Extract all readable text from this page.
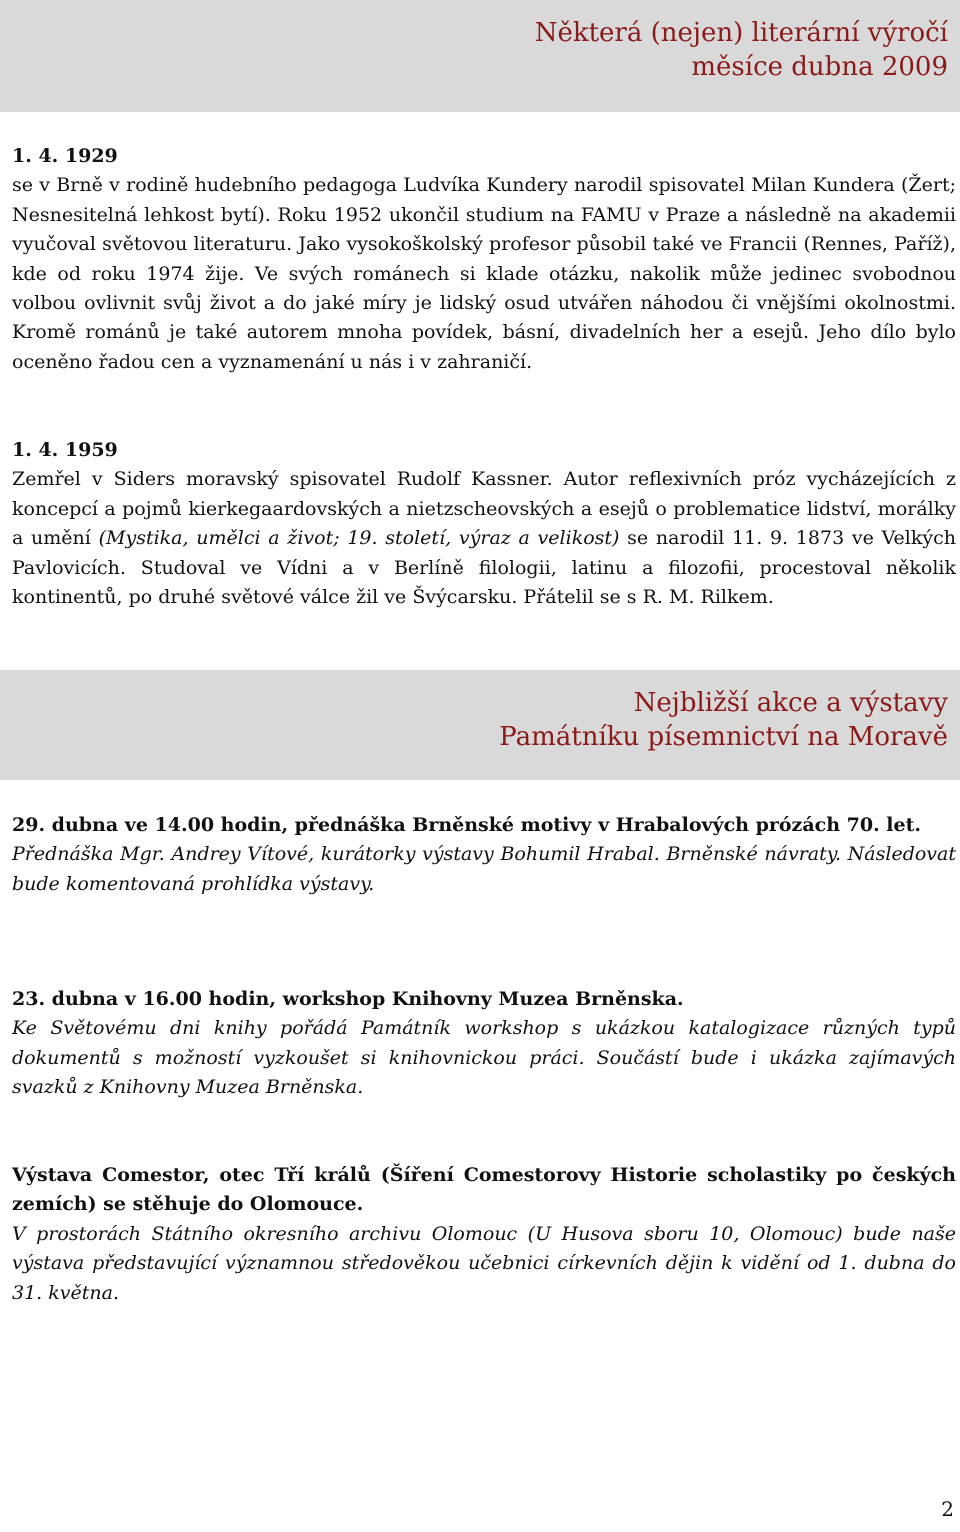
Některá (nejen) literární výročí
měsíce dubna 2009
1. 4. 1929
se v Brně v rodině hudebního pedagoga Ludvíka Kundery narodil spisovatel Milan Kundera (Žert; Nesnesitelná lehkost bytí). Roku 1952 ukončil studium na FAMU v Praze a následně na akademii vyučoval světovou literaturu. Jako vysokoškolský profesor působil také ve Francii (Rennes, Paříž), kde od roku 1974 žije. Ve svých románech si klade otázku, nakolik může jedinec svobodnou volbou ovlivnit svůj život a do jaké míry je lidský osud utvářen náhodou či vnějšími okolnostmi. Kromě románů je také autorem mnoha povídek, básní, divadelních her a esejů. Jeho dílo bylo oceněno řadou cen a vyznamenání u nás i v zahraničí.
1. 4. 1959
Zemřel v Siders moravský spisovatel Rudolf Kassner. Autor reflexivních próz vycházejících z koncepcí a pojmů kierkegaardovských a nietzscheovských a esejů o problematice lidství, morálky a umění (Mystika, umělci a život; 19. století, výraz a velikost) se narodil 11. 9. 1873 ve Velkých Pavlovicích. Studoval ve Vídni a v Berlíně filologii, latinu a filozofii, procestoval několik kontinentů, po druhé světové válce žil ve Švýcarsku. Přátelil se s R. M. Rilkem.
Nejbližší akce a výstavy
Památníku písemnictví na Moravě
29. dubna ve 14.00 hodin, přednáška Brněnské motivy v Hrabalových prózách 70. let.
Přednáška Mgr. Andrey Vítové, kurátorky výstavy Bohumil Hrabal. Brněnské návraty. Následovat bude komentovaná prohlídka výstavy.
23. dubna v 16.00 hodin, workshop Knihovny Muzea Brněnska.
Ke Světovému dni knihy pořádá Památník workshop s ukázkou katalogizace různých typů dokumentů s možností vyzkoušet si knihovnickou práci. Součástí bude i ukázka zajímavých svazků z Knihovny Muzea Brněnska.
Výstava Comestor, otec Tří králů (Šíření Comestorovy Historie scholastiky po českých zemích) se stěhuje do Olomouce.
V prostorách Státního okresního archivu Olomouc (U Husova sboru 10, Olomouc) bude naše výstava představující významnou středověkou učebnici církevních dějin k vidění od 1. dubna do 31. května.
2
